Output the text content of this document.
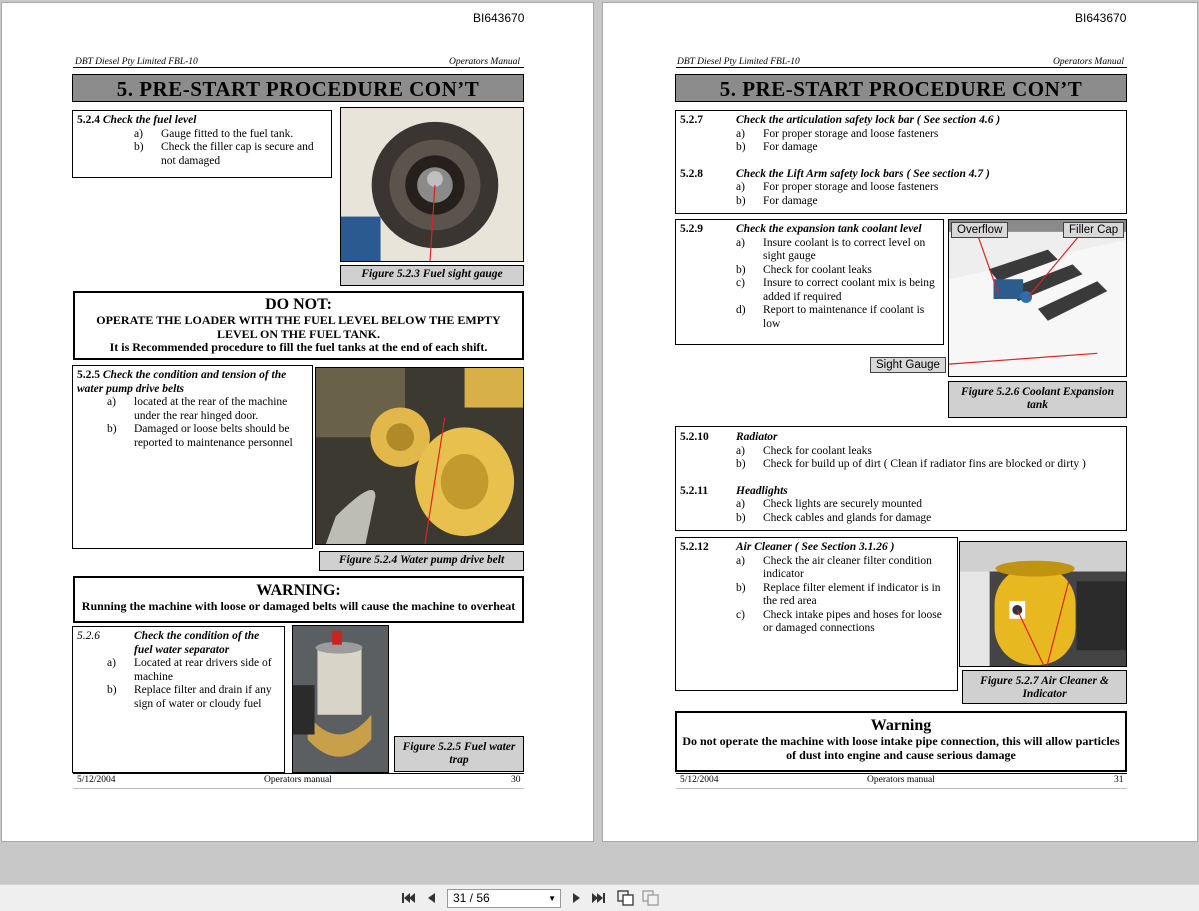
BI643670
DBT Diesel Pty Limited FBL-10	Operators Manual
5. PRE-START PROCEDURE CON’T
5.2.4 Check the fuel level
a) Gauge fitted to the fuel tank.
b) Check the filler cap is secure and not damaged
Figure 5.2.3 Fuel sight gauge
DO NOT:
OPERATE THE LOADER WITH THE FUEL LEVEL BELOW THE EMPTY LEVEL ON THE FUEL TANK.
It is Recommended procedure to fill the fuel tanks at the end of each shift.
5.2.5 Check the condition and tension of the water pump drive belts
a) located at the rear of the machine under the rear hinged door.
b) Damaged or loose belts should be reported to maintenance personnel
Figure 5.2.4 Water pump drive belt
WARNING:
Running the machine with loose or damaged belts will cause the machine to overheat
5.2.6	Check the condition of the fuel water separator
a) Located at rear drivers side of machine
b) Replace filter and drain if any sign of water or cloudy fuel
Figure 5.2.5 Fuel water trap
5/12/2004	Operators manual	30
BI643670
DBT Diesel Pty Limited FBL-10	Operators Manual
5. PRE-START PROCEDURE CON’T
5.2.7	Check the articulation safety lock bar ( See section 4.6 )
a) For proper storage and loose fasteners
b) For damage
5.2.8	Check the Lift Arm safety lock bars ( See section 4.7 )
a) For proper storage and loose fasteners
b) For damage
5.2.9	Check the expansion tank coolant level
a) Insure coolant is to correct level on sight gauge
b) Check for coolant leaks
c) Insure to correct coolant mix is being added if required
d) Report to maintenance if coolant is low
Overflow	Filler Cap
Sight Gauge
Figure 5.2.6 Coolant Expansion tank
5.2.10 Radiator
a) Check for coolant leaks
b) Check for build up of dirt ( Clean if radiator fins are blocked or dirty )
5.2.11 Headlights
a) Check lights are securely mounted
b) Check cables and glands for damage
5.2.12 Air Cleaner ( See Section 3.1.26 )
a) Check the air cleaner filter condition indicator
b) Replace filter element if indicator is in the red area
c) Check intake pipes and hoses for loose or damaged connections
Figure 5.2.7 Air Cleaner & Indicator
Warning
Do not operate the machine with loose intake pipe connection, this will allow particles of dust into engine and cause serious damage
5/12/2004	Operators manual	31
31 / 56	▼
